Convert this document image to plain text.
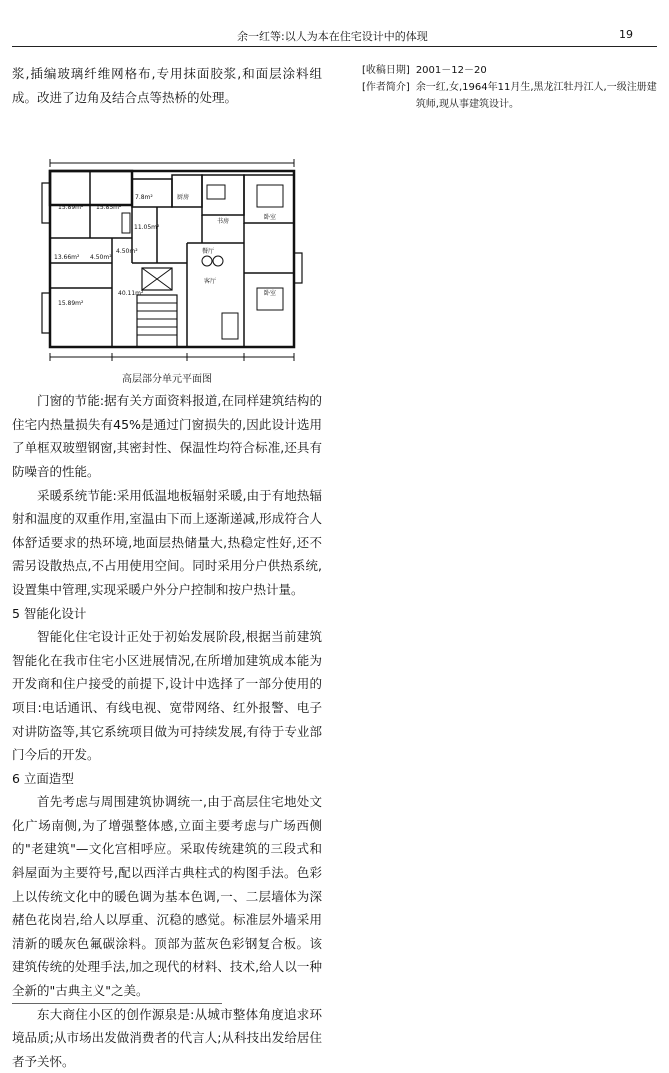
余一红等:以人为本在住宅设计中的体现	19

浆,插编玻璃纤维网格布,专用抹面胶浆,和面层涂料组成。改进了边角及结合点等热桥的处理。

15.89m² 15.85m²
7.8m²	厨房
书房
卧室
11.05m²
餐厅
4.50m²
13.66m² 4.50m²
40.11m²
客厅
卧室
15.89m²
高层部分单元平面图

门窗的节能:据有关方面资料报道,在同样建筑结构的住宅内热量损失有45%是通过门窗损失的,因此设计选用了单框双玻塑钢窗,其密封性、保温性均符合标准,还具有防噪音的性能。

采暖系统节能:采用低温地板辐射采暖,由于有地热辐射和温度的双重作用,室温由下而上逐渐递减,形成符合人体舒适要求的热环境,地面层热储量大,热稳定性好,还不需另设散热点,不占用使用空间。同时采用分户供热系统,设置集中管理,实现采暖户外分户控制和按户热计量。

5 智能化设计

智能化住宅设计正处于初始发展阶段,根据当前建筑智能化在我市住宅小区进展情况,在所增加建筑成本能为开发商和住户接受的前提下,设计中选择了一部分使用的项目:电话通讯、有线电视、宽带网络、红外报警、电子对讲防盗等,其它系统项目做为可持续发展,有待于专业部门今后的开发。

6 立面造型

首先考虑与周围建筑协调统一,由于高层住宅地处文化广场南侧,为了增强整体感,立面主要考虑与广场西侧的"老建筑"—文化宫相呼应。采取传统建筑的三段式和斜屋面为主要符号,配以西洋古典柱式的构图手法。色彩上以传统文化中的暖色调为基本色调,一、二层墙体为深赭色花岗岩,给人以厚重、沉稳的感觉。标准层外墙采用清新的暖灰色氟碳涂料。顶部为蓝灰色彩钢复合板。该建筑传统的处理手法,加之现代的材料、技术,给人以一种全新的"古典主义"之美。

东大商住小区的创作源泉是:从城市整体角度追求环境品质;从市场出发做消费者的代言人;从科技出发给居住者予关怀。

[收稿日期] 2001－12－20
[作者简介] 余一红,女,1964年11月生,黑龙江牡丹江人,一级注册建筑师,现从事建筑设计。
